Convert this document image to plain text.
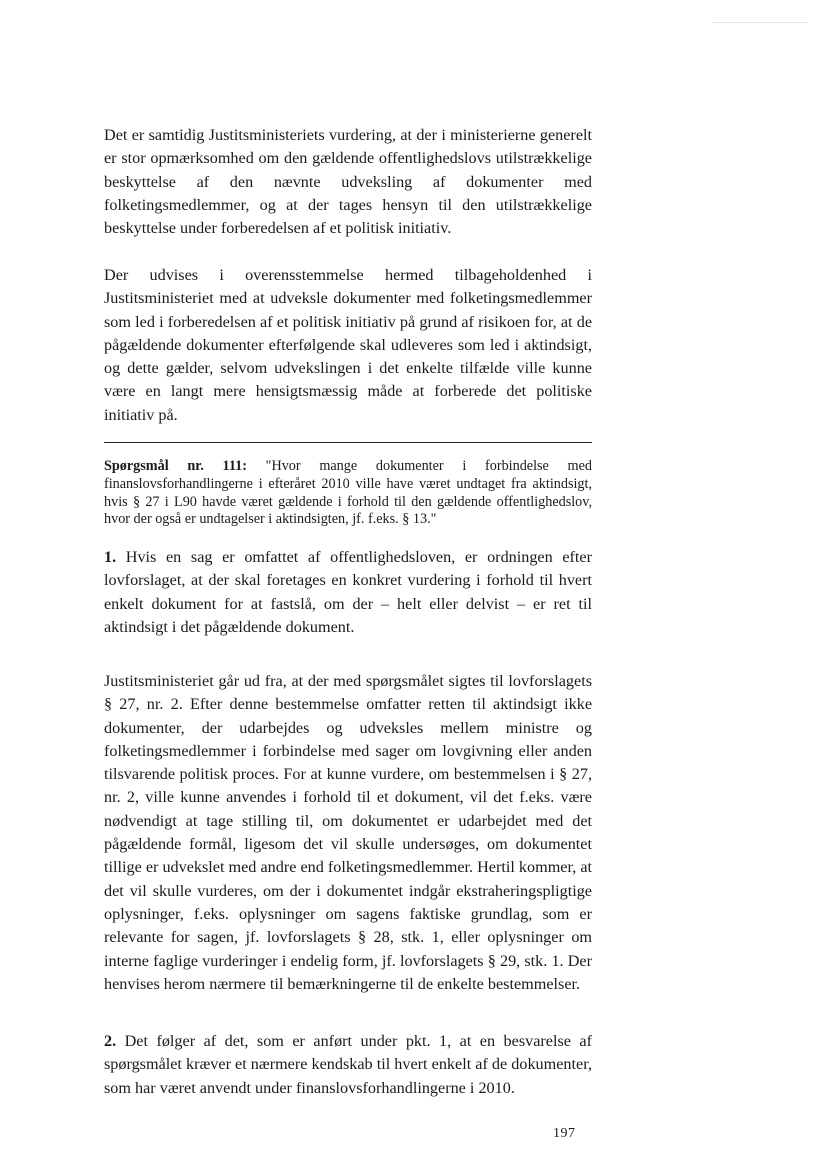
Det er samtidig Justitsministeriets vurdering, at der i ministerierne generelt er stor opmærksomhed om den gældende offentlighedslovs utilstrækkelige beskyttelse af den nævnte udveksling af dokumenter med folketingsmedlemmer, og at der tages hensyn til den utilstrækkelige beskyttelse under forberedelsen af et politisk initiativ.

Der udvises i overensstemmelse hermed tilbageholdenhed i Justitsministeriet med at udveksle dokumenter med folketingsmedlemmer som led i forberedelsen af et politisk initiativ på grund af risikoen for, at de pågældende dokumenter efterfølgende skal udleveres som led i aktindsigt, og dette gælder, selvom udvekslingen i det enkelte tilfælde ville kunne være en langt mere hensigtsmæssig måde at forberede det politiske initiativ på.

Spørgsmål nr. 111: "Hvor mange dokumenter i forbindelse med finanslovsforhandlingerne i efteråret 2010 ville have været undtaget fra aktindsigt, hvis § 27 i L90 havde været gældende i forhold til den gældende offentlighedslov, hvor der også er undtagelser i aktindsigten, jf. f.eks. § 13."

1. Hvis en sag er omfattet af offentlighedsloven, er ordningen efter lovforslaget, at der skal foretages en konkret vurdering i forhold til hvert enkelt dokument for at fastslå, om der – helt eller delvist – er ret til aktindsigt i det pågældende dokument.

Justitsministeriet går ud fra, at der med spørgsmålet sigtes til lovforslagets § 27, nr. 2. Efter denne bestemmelse omfatter retten til aktindsigt ikke dokumenter, der udarbejdes og udveksles mellem ministre og folketingsmedlemmer i forbindelse med sager om lovgivning eller anden tilsvarende politisk proces. For at kunne vurdere, om bestemmelsen i § 27, nr. 2, ville kunne anvendes i forhold til et dokument, vil det f.eks. være nødvendigt at tage stilling til, om dokumentet er udarbejdet med det pågældende formål, ligesom det vil skulle undersøges, om dokumentet tillige er udvekslet med andre end folketingsmedlemmer. Hertil kommer, at det vil skulle vurderes, om der i dokumentet indgår ekstraheringspligtige oplysninger, f.eks. oplysninger om sagens faktiske grundlag, som er relevante for sagen, jf. lovforslagets § 28, stk. 1, eller oplysninger om interne faglige vurderinger i endelig form, jf. lovforslagets § 29, stk. 1. Der henvises herom nærmere til bemærkningerne til de enkelte bestemmelser.

2. Det følger af det, som er anført under pkt. 1, at en besvarelse af spørgsmålet kræver et nærmere kendskab til hvert enkelt af de dokumenter, som har været anvendt under finanslovsforhandlingerne i 2010.

197
